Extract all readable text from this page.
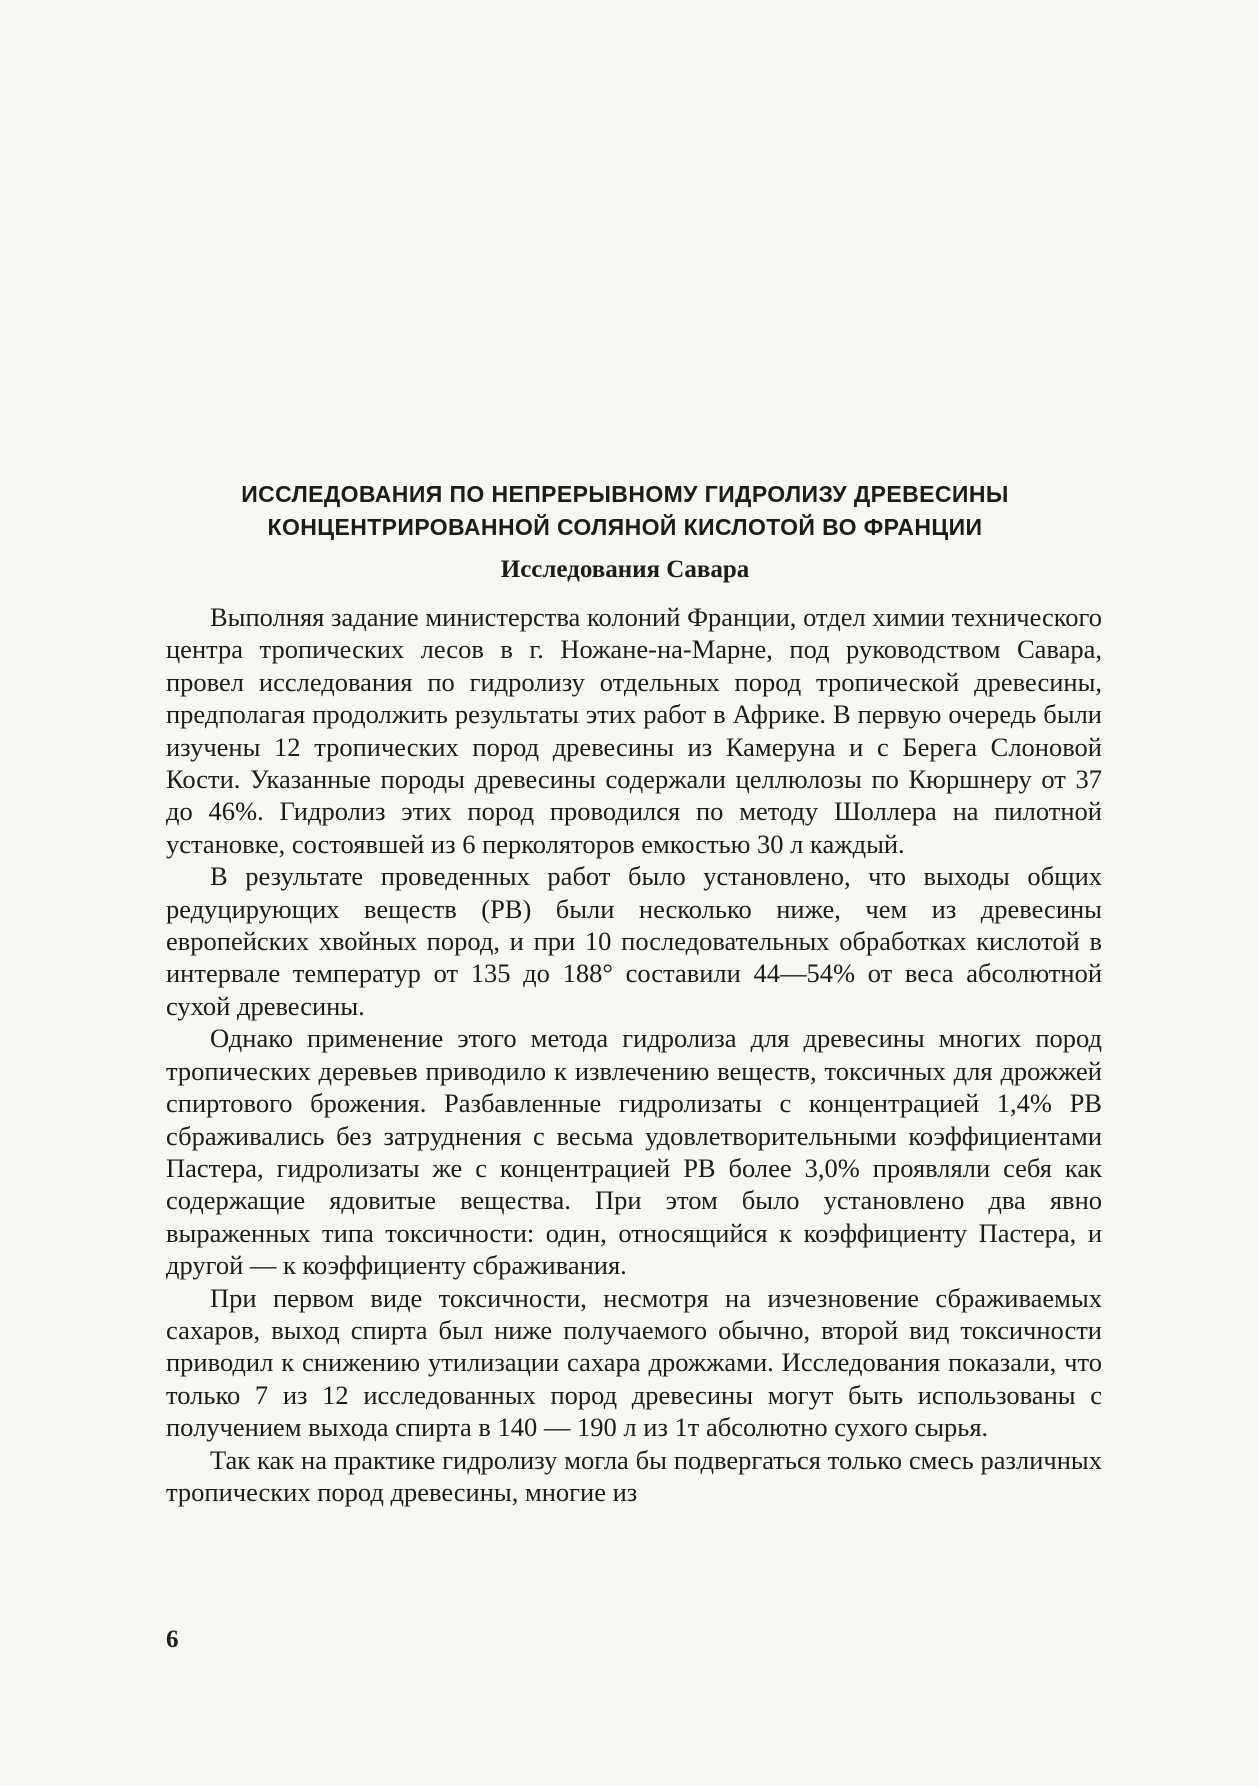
ИССЛЕДОВАНИЯ ПО НЕПРЕРЫВНОМУ ГИДРОЛИЗУ ДРЕВЕСИНЫ
КОНЦЕНТРИРОВАННОЙ СОЛЯНОЙ КИСЛОТОЙ ВО ФРАНЦИИ
Исследования Савара

Выполняя задание министерства колоний Франции, отдел химии технического центра тропических лесов в г. Ножане-на-Марне, под руководством Савара, провел исследования по гидролизу отдельных пород тропической древесины, предполагая продолжить результаты этих работ в Африке. В первую очередь были изучены 12 тропических пород древесины из Камеруна и с Берега Слоновой Кости. Указанные породы древесины содержали целлюлозы по Кюршнеру от 37 до 46%. Гидролиз этих пород проводился по методу Шоллера на пилотной установке, состоявшей из 6 перколяторов емкостью 30 л каждый.

В результате проведенных работ было установлено, что выходы общих редуцирующих веществ (РВ) были несколько ниже, чем из древесины европейских хвойных пород, и при 10 последовательных обработках кислотой в интервале температур от 135 до 188° составили 44—54% от веса абсолютной сухой древесины.

Однако применение этого метода гидролиза для древесины многих пород тропических деревьев приводило к извлечению веществ, токсичных для дрожжей спиртового брожения. Разбавленные гидролизаты с концентрацией 1,4% РВ сбраживались без затруднения с весьма удовлетворительными коэффициентами Пастера, гидролизаты же с концентрацией РВ более 3,0% проявляли себя как содержащие ядовитые вещества. При этом было установлено два явно выраженных типа токсичности: один, относящийся к коэффициенту Пастера, и другой — к коэффициенту сбраживания.

При первом виде токсичности, несмотря на изчезновение сбраживаемых сахаров, выход спирта был ниже получаемого обычно, второй вид токсичности приводил к снижению утилизации сахара дрожжами. Исследования показали, что только 7 из 12 исследованных пород древесины могут быть использованы с получением выхода спирта в 140 — 190 л из 1т абсолютно сухого сырья.

Так как на практике гидролизу могла бы подвергаться только смесь различных тропических пород древесины, многие из

6
